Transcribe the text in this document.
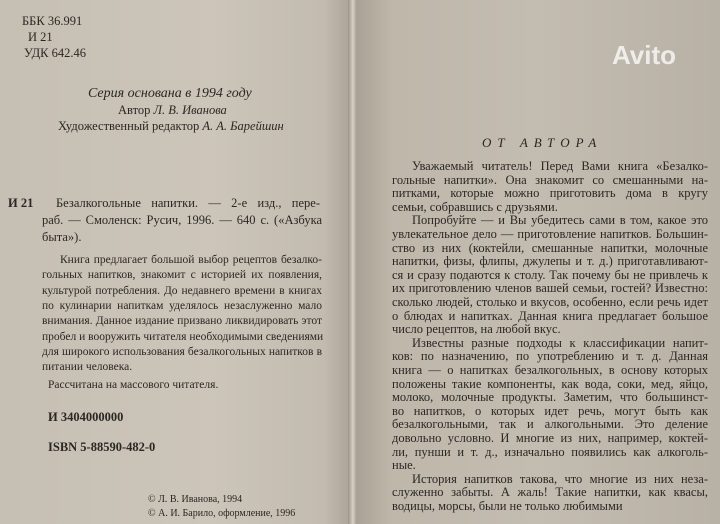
ББК 36.991
И 21
УДК 642.46
Серия основана в 1994 году
Автор Л. В. Иванова
Художественный редактор А. А. Барейшин
И 21 Безалкогольные напитки. — 2-е изд., пере-
раб. — Смоленск: Русич, 1996. — 640 с. («Азбука
быта»).
Книга предлагает большой выбор рецептов безалко-
гольных напитков, знакомит с историей их появления,
культурой потребления. До недавнего времени в книгах
по кулинарии напиткам уделялось незаслуженно мало
внимания. Данное издание призвано ликвидировать этот
пробел и вооружить читателя необходимыми сведениями
для широкого использования безалкогольных напитков в
питании человека.
Рассчитана на массового читателя.
И 3404000000
ISBN 5-88590-482-0
© Л. В. Иванова, 1994
© А. И. Барило, оформление, 1996
ОТ АВТОРА
Уважаемый читатель! Перед Вами книга «Безалко-
гольные напитки». Она знакомит со смешанными на-
питками, которые можно приготовить дома в кругу
семьи, собравшись с друзьями.
Попробуйте — и Вы убедитесь сами в том, какое это
увлекательное дело — приготовление напитков. Большин-
ство из них (коктейли, смешанные напитки, молочные
напитки, физы, флипы, джулепы и т. д.) приготавливают-
ся и сразу подаются к столу. Так почему бы не привлечь к
их приготовлению членов вашей семьи, гостей? Известно:
сколько людей, столько и вкусов, особенно, если речь идет
о блюдах и напитках. Данная книга предлагает большое
число рецептов, на любой вкус.
Известны разные подходы к классификации напит-
ков: по назначению, по употреблению и т. д. Данная
книга — о напитках безалкогольных, в основу которых
положены такие компоненты, как вода, соки, мед, яйцо,
молоко, молочные продукты. Заметим, что большинст-
во напитков, о которых идет речь, могут быть как
безалкогольными, так и алкогольными. Это деление
довольно условно. И многие из них, например, коктей-
ли, пунши и т. д., изначально появились как алкоголь-
ные.
История напитков такова, что многие из них неза-
служенно забыты. А жаль! Такие напитки, как квасы,
водицы, морсы, были не только любимыми
Avito
